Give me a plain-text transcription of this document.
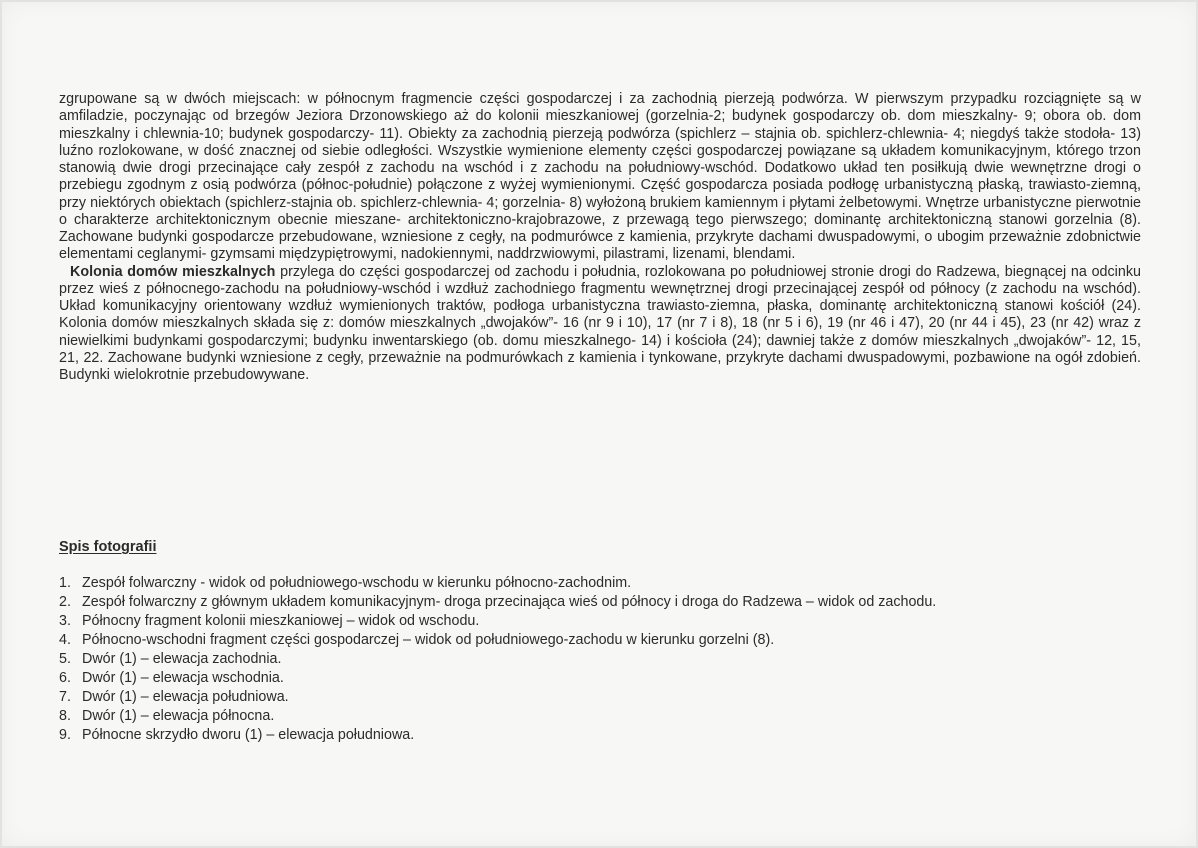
zgrupowane są w dwóch miejscach: w północnym fragmencie części gospodarczej i za zachodnią pierzeją podwórza. W pierwszym przypadku rozciągnięte są w amfiladzie, poczynając od brzegów Jeziora Drzonowskiego aż do kolonii mieszkaniowej (gorzelnia-2; budynek gospodarczy ob. dom mieszkalny- 9; obora ob. dom mieszkalny i chlewnia-10; budynek gospodarczy- 11). Obiekty za zachodnią pierzeją podwórza (spichlerz – stajnia ob. spichlerz-chlewnia- 4; niegdyś także stodoła- 13) luźno rozlokowane, w dość znacznej od siebie odległości. Wszystkie wymienione elementy części gospodarczej powiązane są układem komunikacyjnym, którego trzon stanowią dwie drogi przecinające cały zespół z zachodu na wschód i z zachodu na południowy-wschód. Dodatkowo układ ten posiłkują dwie wewnętrzne drogi o przebiegu zgodnym z osią podwórza (północ-południe) połączone z wyżej wymienionymi. Część gospodarcza posiada podłogę urbanistyczną płaską, trawiasto-ziemną, przy niektórych obiektach (spichlerz-stajnia ob. spichlerz-chlewnia- 4; gorzelnia- 8) wyłożoną brukiem kamiennym i płytami żelbetowymi. Wnętrze urbanistyczne pierwotnie o charakterze architektonicznym obecnie mieszane- architektoniczno-krajobrazowe, z przewagą tego pierwszego; dominantę architektoniczną stanowi gorzelnia (8). Zachowane budynki gospodarcze przebudowane, wzniesione z cegły, na podmurówce z kamienia, przykryte dachami dwuspadowymi, o ubogim przeważnie zdobnictwie elementami ceglanymi- gzymsami międzypiętrowymi, nadokiennymi, naddrzwiowymi, pilastrami, lizenami, blendami.

Kolonia domów mieszkalnych przylega do części gospodarczej od zachodu i południa, rozlokowana po południowej stronie drogi do Radzewa, biegnącej na odcinku przez wieś z północnego-zachodu na południowy-wschód i wzdłuż zachodniego fragmentu wewnętrznej drogi przecinającej zespół od północy (z zachodu na wschód). Układ komunikacyjny orientowany wzdłuż wymienionych traktów, podłoga urbanistyczna trawiasto-ziemna, płaska, dominantę architektoniczną stanowi kościół (24). Kolonia domów mieszkalnych składa się z: domów mieszkalnych „dwojaków”- 16 (nr 9 i 10), 17 (nr 7 i 8), 18 (nr 5 i 6), 19 (nr 46 i 47), 20 (nr 44 i 45), 23 (nr 42) wraz z niewielkimi budynkami gospodarczymi; budynku inwentarskiego (ob. domu mieszkalnego- 14) i kościoła (24); dawniej także z domów mieszkalnych „dwojaków”- 12, 15, 21, 22. Zachowane budynki wzniesione z cegły, przeważnie na podmurówkach z kamienia i tynkowane, przykryte dachami dwuspadowymi, pozbawione na ogół zdobień. Budynki wielokrotnie przebudowywane.

Spis fotografii
1. Zespół folwarczny - widok od południowego-wschodu w kierunku północno-zachodnim.
2. Zespół folwarczny z głównym układem komunikacyjnym- droga przecinająca wieś od północy i droga do Radzewa – widok od zachodu.
3. Północny fragment kolonii mieszkaniowej – widok od wschodu.
4. Północno-wschodni fragment części gospodarczej – widok od południowego-zachodu w kierunku gorzelni (8).
5. Dwór (1) – elewacja zachodnia.
6. Dwór (1) – elewacja wschodnia.
7. Dwór (1) – elewacja południowa.
8. Dwór (1) – elewacja północna.
9. Północne skrzydło dworu (1) – elewacja południowa.
